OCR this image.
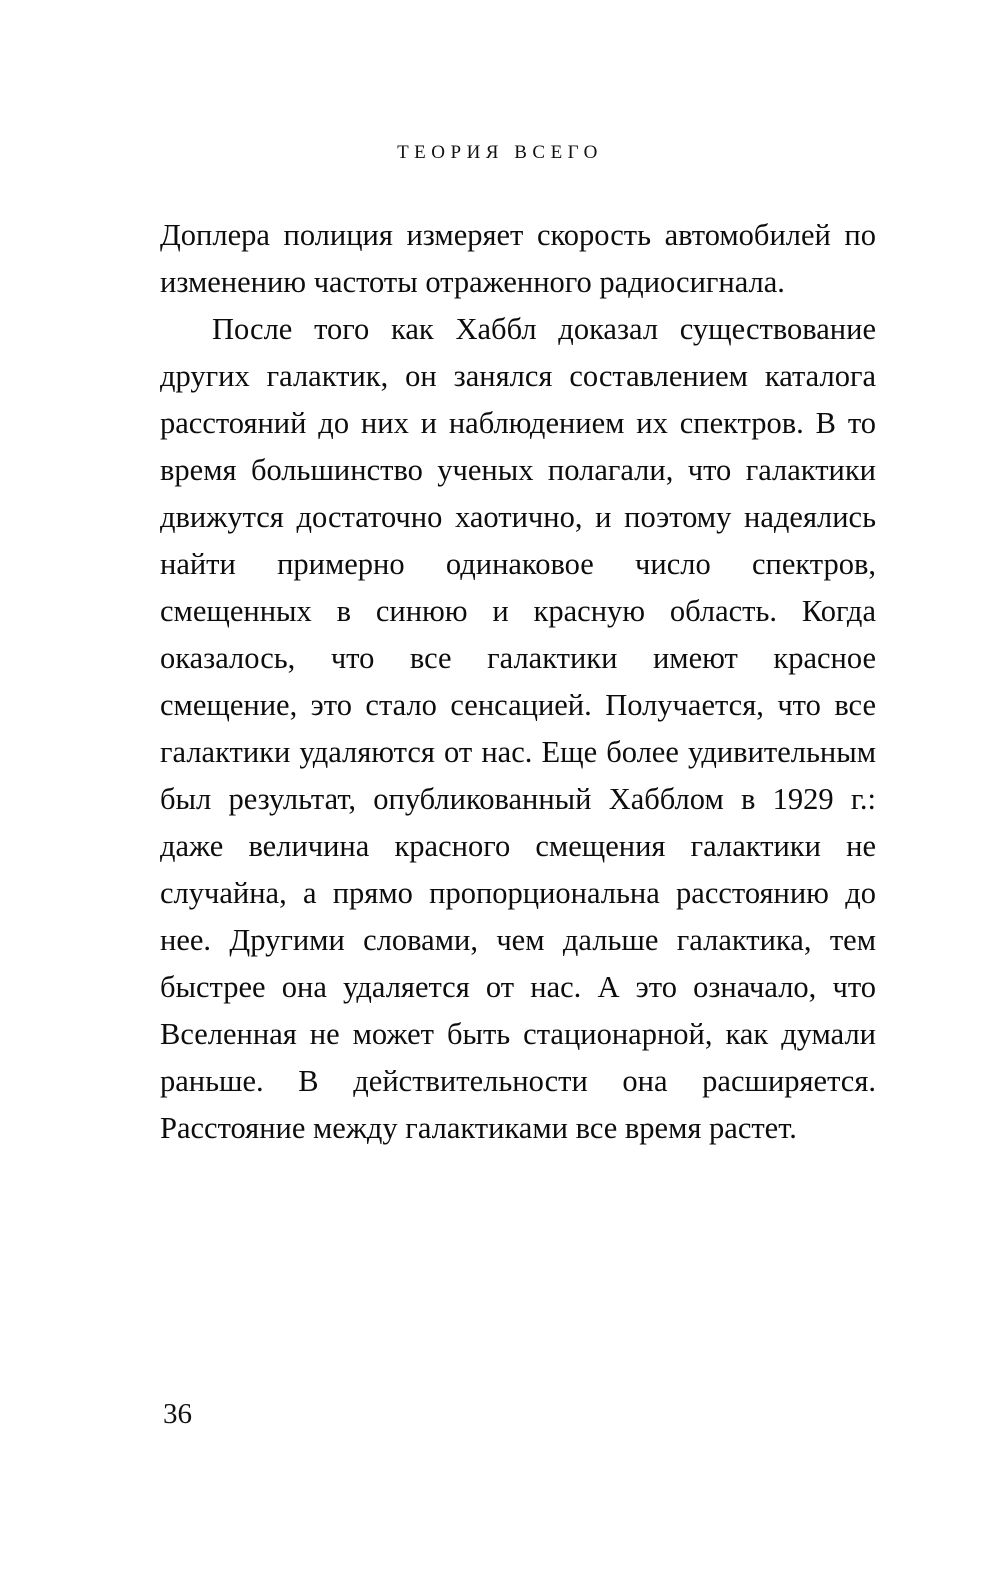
ТЕОРИЯ ВСЕГО

Доплера полиция измеряет скорость автомобилей по изменению частоты отраженного радиосигнала.

После того как Хаббл доказал существование других галактик, он занялся составлением каталога расстояний до них и наблюдением их спектров. В то время большинство ученых полагали, что галактики движутся достаточно хаотично, и поэтому надеялись найти примерно одинаковое число спектров, смещенных в синюю и красную область. Когда оказалось, что все галактики имеют красное смещение, это стало сенсацией. Получается, что все галактики удаляются от нас. Еще более удивительным был результат, опубликованный Хабблом в 1929 г.: даже величина красного смещения галактики не случайна, а прямо пропорциональна расстоянию до нее. Другими словами, чем дальше галактика, тем быстрее она удаляется от нас. А это означало, что Вселенная не может быть стационарной, как думали раньше. В действительности она расширяется. Расстояние между галактиками все время растет.

36
